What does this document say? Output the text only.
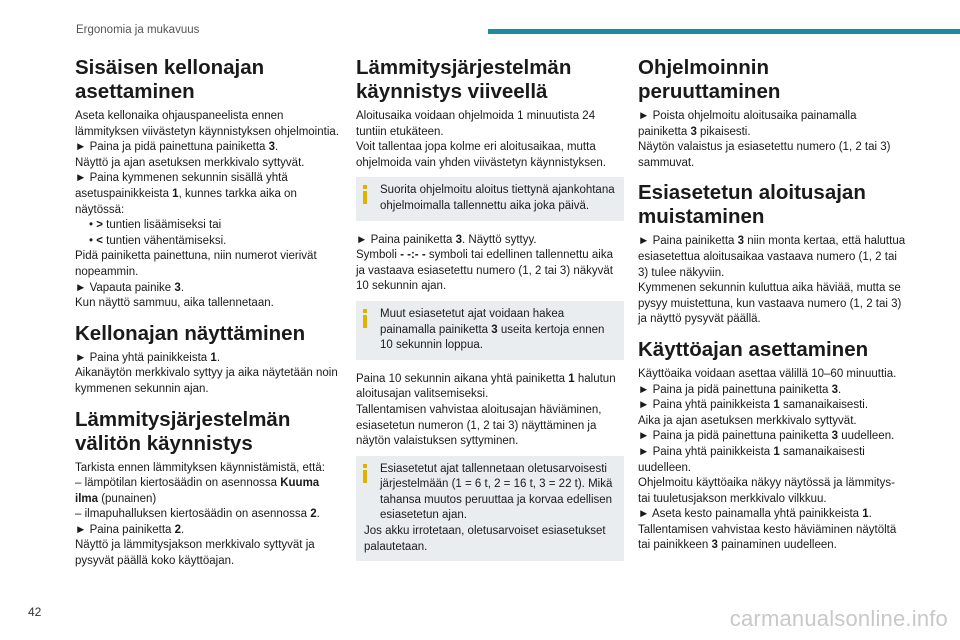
Ergonomia ja mukavuus
Sisäisen kellonajan asettaminen

Aseta kellonaika ohjauspaneelista ennen lämmityksen viivästetyn käynnistyksen ohjelmointia.

► Paina ja pidä painettuna painiketta 3.

Näyttö ja ajan asetuksen merkkivalo syttyvät.

► Paina kymmenen sekunnin sisällä yhtä asetuspainikkeista 1, kunnes tarkka aika on näytössä:

• > tuntien lisäämiseksi tai

• < tuntien vähentämiseksi.

Pidä painiketta painettuna, niin numerot vierivät nopeammin.

► Vapauta painike 3.

Kun näyttö sammuu, aika tallennetaan.

Kellonajan näyttäminen

► Paina yhtä painikkeista 1.

Aikanäytön merkkivalo syttyy ja aika näytetään noin kymmenen sekunnin ajan.

Lämmitysjärjestelmän välitön käynnistys

Tarkista ennen lämmityksen käynnistämistä, että:

– lämpötilan kiertosäädin on asennossa Kuuma ilma (punainen)

– ilmapuhalluksen kiertosäädin on asennossa 2.

► Paina painiketta 2.

Näyttö ja lämmitysjakson merkkivalo syttyvät ja pysyvät päällä koko käyttöajan.

Lämmitysjärjestelmän käynnistys viiveellä

Aloitusaika voidaan ohjelmoida 1 minuutista 24 tuntiin etukäteen.

Voit tallentaa jopa kolme eri aloitusaikaa, mutta ohjelmoida vain yhden viivästetyn käynnistyksen.

Suorita ohjelmoitu aloitus tiettynä ajankohtana ohjelmoimalla tallennettu aika joka päivä.

► Paina painiketta 3. Näyttö syttyy.

Symboli - -:- - symboli tai edellinen tallennettu aika ja vastaava esiasetettu numero (1, 2 tai 3) näkyvät 10 sekunnin ajan.

Muut esiasetetut ajat voidaan hakea painamalla painiketta 3 useita kertoja ennen 10 sekunnin loppua.

Paina 10 sekunnin aikana yhtä painiketta 1 halutun aloitusajan valitsemiseksi.

Tallentamisen vahvistaa aloitusajan häviäminen, esiasetetun numeron (1, 2 tai 3) näyttäminen ja näytön valaistuksen syttyminen.

Esiasetetut ajat tallennetaan oletusarvoisesti järjestelmään (1 = 6 t, 2 = 16 t, 3 = 22 t). Mikä tahansa muutos peruuttaa ja korvaa edellisen esiasetetun ajan.

Jos akku irrotetaan, oletusarvoiset esiasetukset palautetaan.

Ohjelmoinnin peruuttaminen

► Poista ohjelmoitu aloitusaika painamalla painiketta 3 pikaisesti.

Näytön valaistus ja esiasetettu numero (1, 2 tai 3) sammuvat.

Esiasetetun aloitusajan muistaminen

► Paina painiketta 3 niin monta kertaa, että haluttua esiasetettua aloitusaikaa vastaava numero (1, 2 tai 3) tulee näkyviin.

Kymmenen sekunnin kuluttua aika häviää, mutta se pysyy muistettuna, kun vastaava numero (1, 2 tai 3) ja näyttö pysyvät päällä.

Käyttöajan asettaminen

Käyttöaika voidaan asettaa välillä 10–60 minuuttia.

► Paina ja pidä painettuna painiketta 3.

► Paina yhtä painikkeista 1 samanaikaisesti.

Aika ja ajan asetuksen merkkivalo syttyvät.

► Paina ja pidä painettuna painiketta 3 uudelleen.

► Paina yhtä painikkeista 1 samanaikaisesti uudelleen.

Ohjelmoitu käyttöaika näkyy näytössä ja lämmitys- tai tuuletusjakson merkkivalo vilkkuu.

► Aseta kesto painamalla yhtä painikkeista 1.

Tallentamisen vahvistaa kesto häviäminen näytöltä tai painikkeen 3 painaminen uudelleen.

42	carmanualsonline.info
